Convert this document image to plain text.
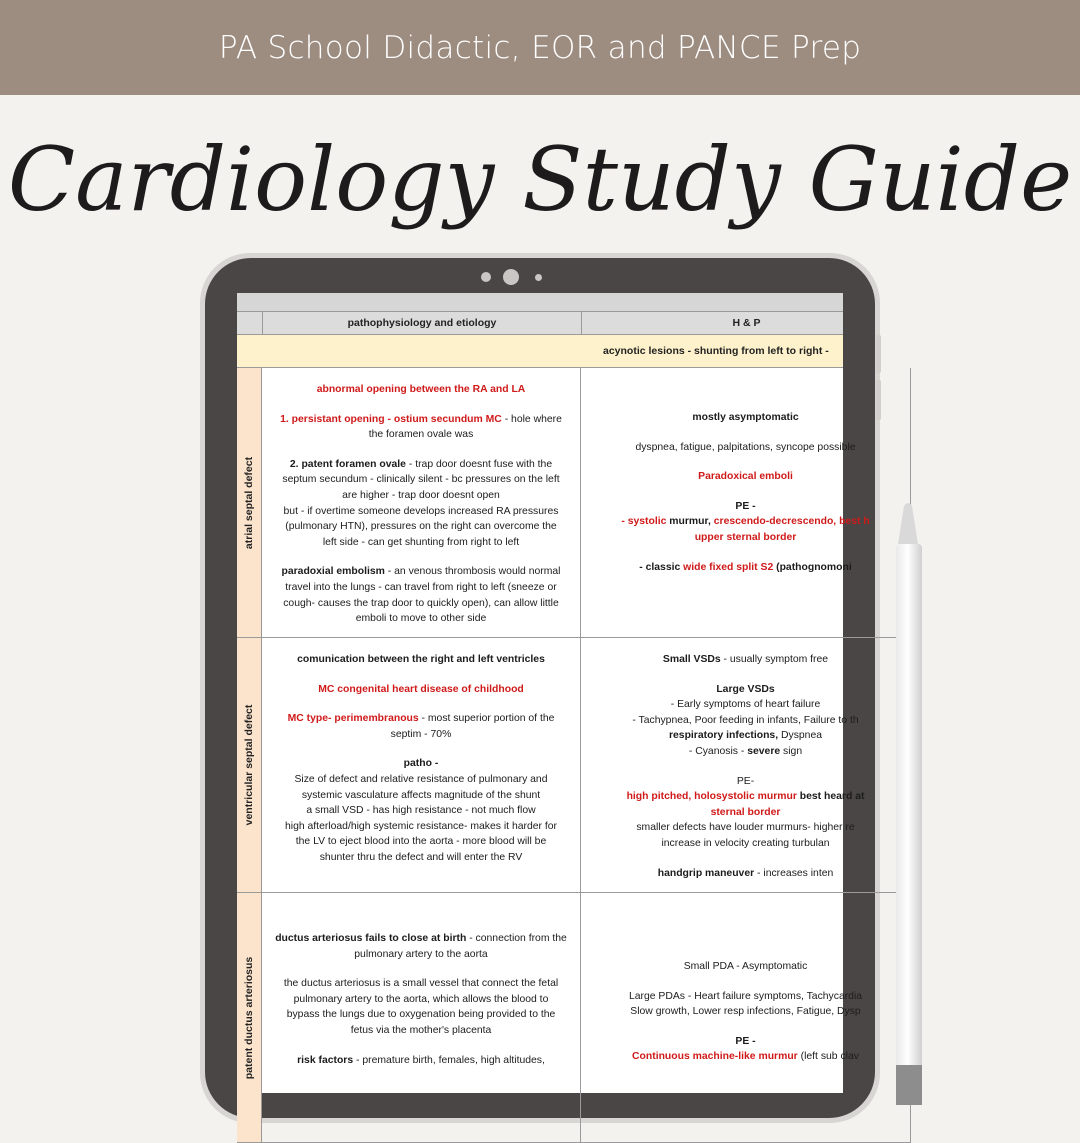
PA School Didactic, EOR and PANCE Prep
Cardiology Study Guide
pathophysiology and etiology	H & P
acynotic lesions - shunting from left to right -
atrial septal defect

abnormal opening between the RA and LA

1. persistant opening - ostium secundum MC - hole where

the foramen ovale was

2. patent foramen ovale - trap door doesnt fuse with the

septum secundum - clinically silent - bc pressures on the left

are higher - trap door doesnt open

but - if overtime someone develops increased RA pressures

(pulmonary HTN), pressures on the right can overcome the

left side - can get shunting from right to left

paradoxial embolism - an venous thrombosis would normal

travel into the lungs - can travel from right to left (sneeze or

cough- causes the trap door to quickly open), can allow little

emboli to move to other side

mostly asymptomatic

dyspnea, fatigue, palpitations, syncope possible

Paradoxical emboli

PE -

- systolic murmur, crescendo-decrescendo, best h

upper sternal border

- classic wide fixed split S2 (pathognomoni

ventricular septal defect

comunication between the right and left ventricles

MC congenital heart disease of childhood

MC type- perimembranous - most superior portion of the

septim - 70%

patho -

Size of defect and relative resistance of pulmonary and

systemic vasculature affects magnitude of the shunt

a small VSD - has high resistance - not much flow

high afterload/high systemic resistance- makes it harder for

the LV to eject blood into the aorta - more blood will be

shunter thru the defect and will enter the RV

Small VSDs - usually symptom free

Large VSDs

- Early symptoms of heart failure

- Tachypnea, Poor feeding in infants, Failure to th

respiratory infections, Dyspnea

- Cyanosis - severe sign

PE-

high pitched, holosystolic murmur best heard at

sternal border

smaller defects have louder murmurs- higher re

increase in velocity creating turbulan

handgrip maneuver - increases inten

patent ductus arteriosus

ductus arteriosus fails to close at birth - connection from the

pulmonary artery to the aorta

the ductus arteriosus is a small vessel that connect the fetal

pulmonary artery to the aorta, which allows the blood to

bypass the lungs due to oxygenation being provided to the

fetus via the mother's placenta

risk factors - premature birth, females, high altitudes,

Small PDA - Asymptomatic

Large PDAs - Heart failure symptoms, Tachycardia

Slow growth, Lower resp infections, Fatigue, Dysp

PE -

Continuous machine-like murmur (left sub clav
